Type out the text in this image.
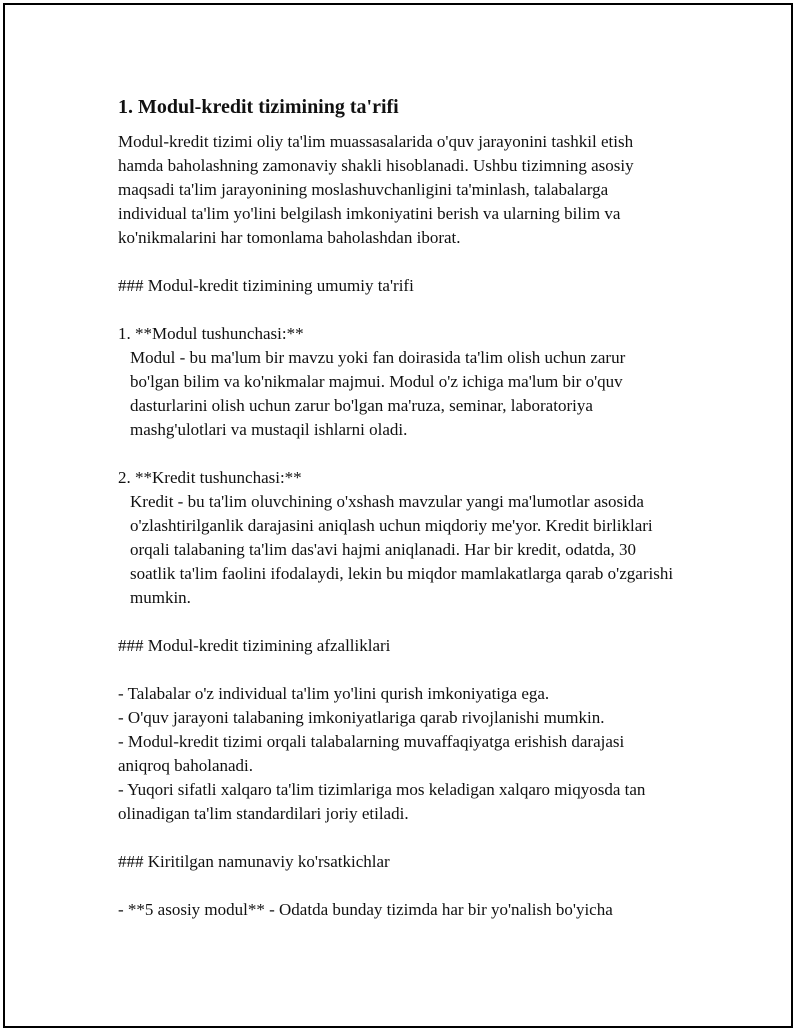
1. Modul-kredit tizimining ta'rifi

Modul-kredit tizimi oliy ta'lim muassasalarida o'quv jarayonini tashkil etish hamda baholashning zamonaviy shakli hisoblanadi. Ushbu tizimning asosiy maqsadi ta'lim jarayonining moslashuvchanligini ta'minlash, talabalarga individual ta'lim yo'lini belgilash imkoniyatini berish va ularning bilim va ko'nikmalarini har tomonlama baholashdan iborat.

### Modul-kredit tizimining umumiy ta'rifi

1. **Modul tushunchasi:**

Modul - bu ma'lum bir mavzu yoki fan doirasida ta'lim olish uchun zarur bo'lgan bilim va ko'nikmalar majmui. Modul o'z ichiga ma'lum bir o'quv dasturlarini olish uchun zarur bo'lgan ma'ruza, seminar, laboratoriya mashg'ulotlari va mustaqil ishlarni oladi.

2. **Kredit tushunchasi:**

Kredit - bu ta'lim oluvchining o'xshash mavzular yangi ma'lumotlar asosida o'zlashtirilganlik darajasini aniqlash uchun miqdoriy me'yor. Kredit birliklari orqali talabaning ta'lim das'avi hajmi aniqlanadi. Har bir kredit, odatda, 30 soatlik ta'lim faolini ifodalaydi, lekin bu miqdor mamlakatlarga qarab o'zgarishi mumkin.

### Modul-kredit tizimining afzalliklari

- Talabalar o'z individual ta'lim yo'lini qurish imkoniyatiga ega.

- O'quv jarayoni talabaning imkoniyatlariga qarab rivojlanishi mumkin.

- Modul-kredit tizimi orqali talabalarning muvaffaqiyatga erishish darajasi aniqroq baholanadi.

- Yuqori sifatli xalqaro ta'lim tizimlariga mos keladigan xalqaro miqyosda tan olinadigan ta'lim standardilari joriy etiladi.

### Kiritilgan namunaviy ko'rsatkichlar

- **5 asosiy modul** - Odatda bunday tizimda har bir yo'nalish bo'yicha
